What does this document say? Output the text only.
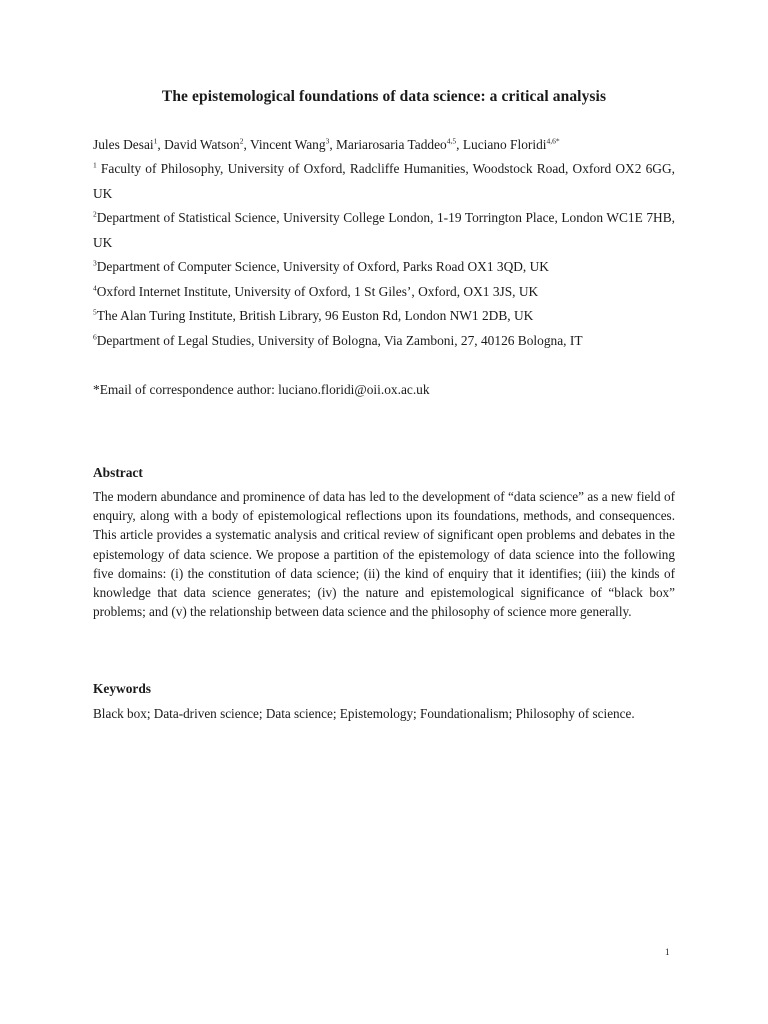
The epistemological foundations of data science: a critical analysis
Jules Desai$^1$, David Watson$^2$, Vincent Wang$^3$, Mariarosaria Taddeo$^{4,5}$, Luciano Floridi$^{4,6*}$
$^1$ Faculty of Philosophy, University of Oxford, Radcliffe Humanities, Woodstock Road, Oxford OX2 6GG, UK
$^2$Department of Statistical Science, University College London, 1-19 Torrington Place, London WC1E 7HB, UK
$^3$Department of Computer Science, University of Oxford, Parks Road OX1 3QD, UK
$^4$Oxford Internet Institute, University of Oxford, 1 St Giles’, Oxford, OX1 3JS, UK
$^5$The Alan Turing Institute, British Library, 96 Euston Rd, London NW1 2DB, UK
$^6$Department of Legal Studies, University of Bologna, Via Zamboni, 27, 40126 Bologna, IT
*Email of correspondence author: luciano.floridi@oii.ox.ac.uk
Abstract
The modern abundance and prominence of data has led to the development of “data science” as a new field of enquiry, along with a body of epistemological reflections upon its foundations, methods, and consequences. This article provides a systematic analysis and critical review of significant open problems and debates in the epistemology of data science. We propose a partition of the epistemology of data science into the following five domains: (i) the constitution of data science; (ii) the kind of enquiry that it identifies; (iii) the kinds of knowledge that data science generates; (iv) the nature and epistemological significance of “black box” problems; and (v) the relationship between data science and the philosophy of science more generally.
Keywords
Black box; Data-driven science; Data science; Epistemology; Foundationalism; Philosophy of science.
1
